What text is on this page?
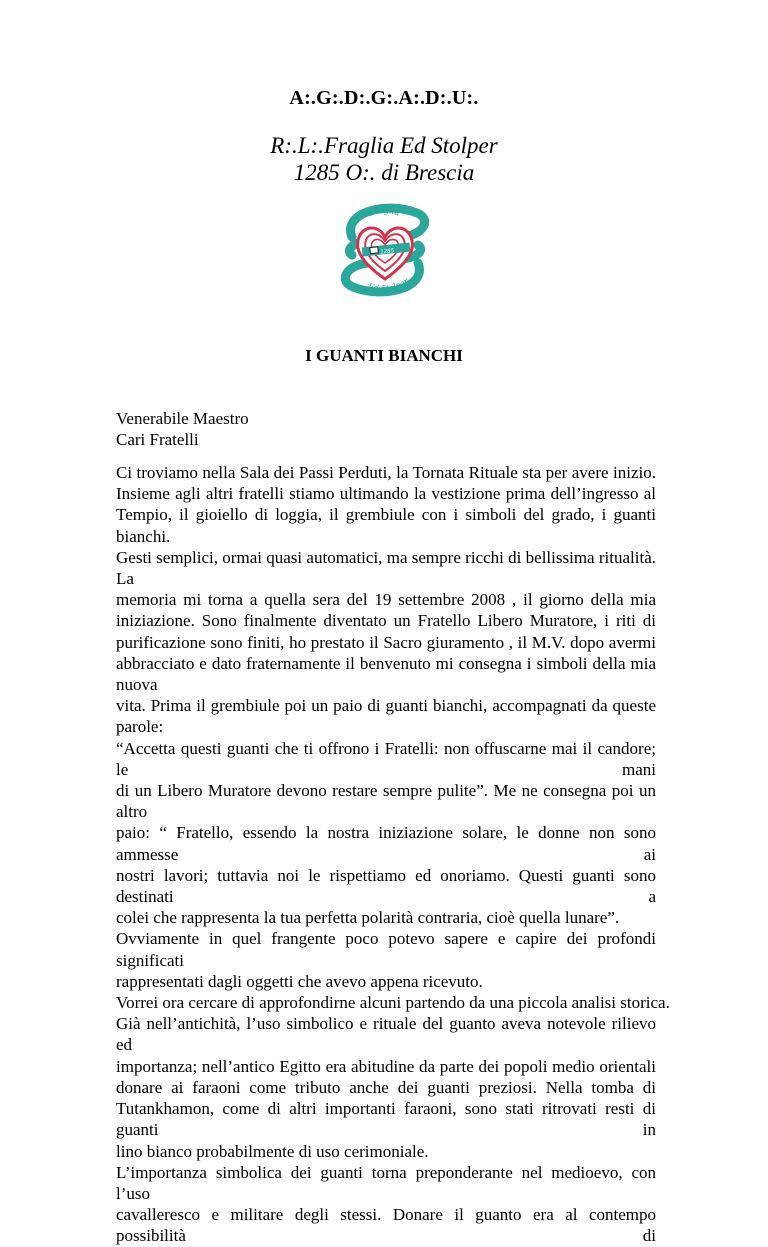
A:.G:.D:.G:.A:.D:.U:.
R:.L:.Fraglia Ed Stolper
1285 O:. di Brescia
1285
Fraglia
Ed Stolper
I GUANTI BIANCHI
Venerabile Maestro
Cari Fratelli

Ci troviamo nella Sala dei Passi Perduti, la Tornata Rituale sta per avere inizio.
Insieme agli altri fratelli stiamo ultimando la vestizione prima dell’ingresso al
Tempio, il gioiello di loggia, il grembiule con i simboli del grado, i guanti bianchi.
Gesti semplici, ormai quasi automatici, ma sempre ricchi di bellissima ritualità. La
memoria mi torna a quella sera del 19 settembre 2008 , il giorno della mia
iniziazione. Sono finalmente diventato un Fratello Libero Muratore, i riti di
purificazione sono finiti, ho prestato il Sacro giuramento , il M.V. dopo avermi
abbracciato e dato fraternamente il benvenuto mi consegna i simboli della mia nuova
vita. Prima il grembiule poi un paio di guanti bianchi, accompagnati da queste parole:
“Accetta questi guanti che ti offrono i Fratelli: non offuscarne mai il candore; le mani
di un Libero Muratore devono restare sempre pulite”. Me ne consegna poi un altro
paio: “ Fratello, essendo la nostra iniziazione solare, le donne non sono ammesse ai
nostri lavori; tuttavia noi le rispettiamo ed onoriamo. Questi guanti sono destinati a
colei che rappresenta la tua perfetta polarità contraria, cioè quella lunare”.

Ovviamente in quel frangente poco potevo sapere e capire dei profondi significati
rappresentati dagli oggetti che avevo appena ricevuto.

Vorrei ora cercare di approfondirne alcuni partendo da una piccola analisi storica.

Già nell’antichità, l’uso simbolico e rituale del guanto aveva notevole rilievo ed
importanza; nell’antico Egitto era abitudine da parte dei popoli medio orientali
donare ai faraoni come tributo anche dei guanti preziosi. Nella tomba di
Tutankhamon, come di altri importanti faraoni, sono stati ritrovati resti di guanti in
lino bianco probabilmente di uso cerimoniale.

L’importanza simbolica dei guanti torna preponderante nel medioevo, con l’uso
cavalleresco e militare degli stessi. Donare il guanto era al contempo possibilità di
